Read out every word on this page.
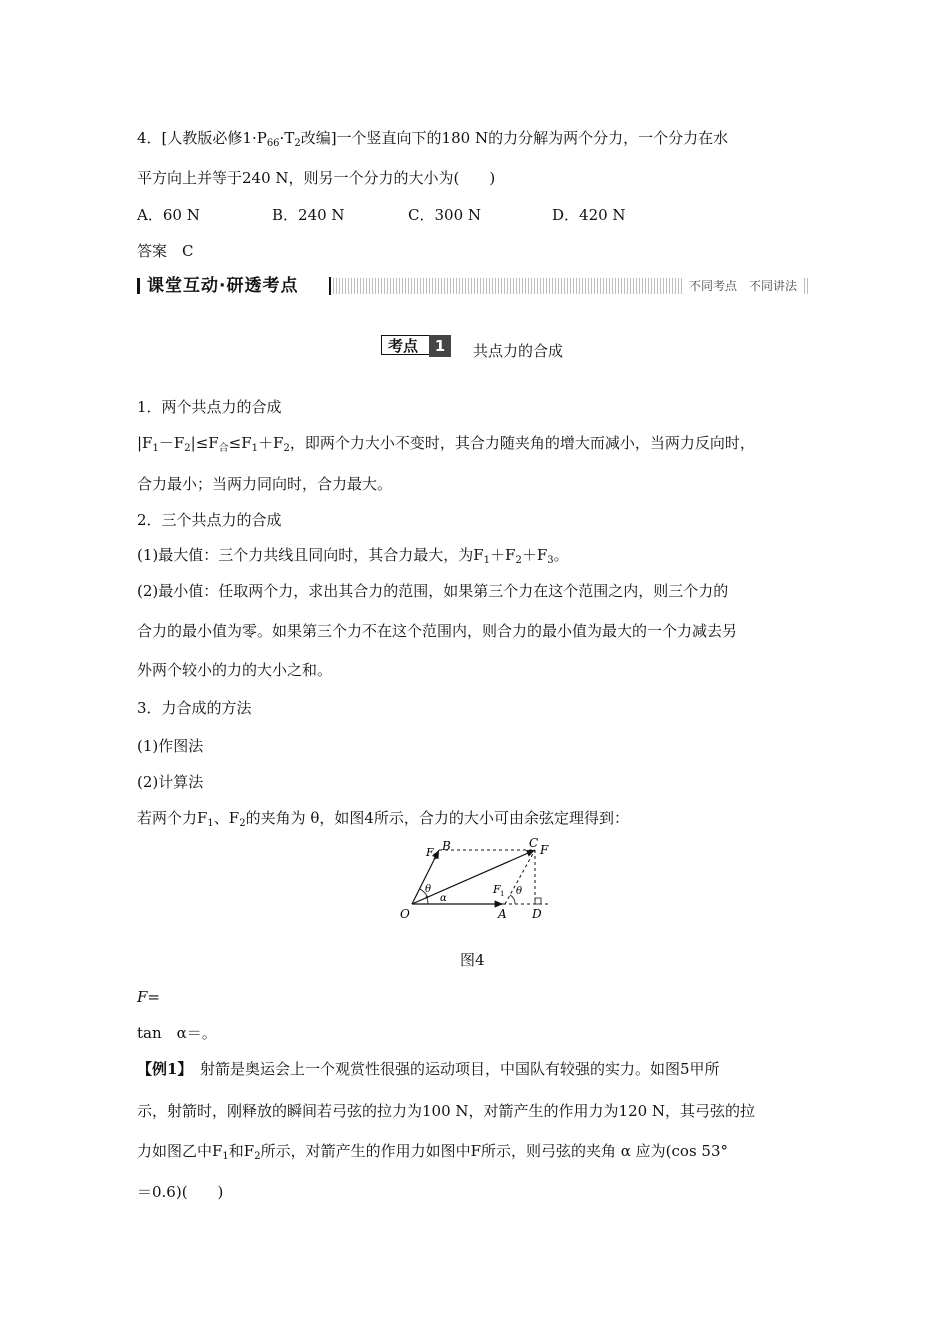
4．[人教版必修$1\cdot P_{66}\cdot T_2$改编]一个竖直向下的180 N的力分解为两个分力，一个分力在水
平方向上并等于240 N，则另一个分力的大小为(　　)
A．60 N	B．240 N	C．300 N	D．420 N
答案　C
课堂互动·研透考点	不同考点　不同讲法
考点	1	共点力的合成
1．两个共点力的合成
$|F_1-F_2|\le F_合\le F_1+F_2$，即两个力大小不变时，其合力随夹角的增大而减小，当两力反向时，
合力最小；当两力同向时，合力最大。
2．三个共点力的合成
(1)最大值：三个力共线且同向时，其合力最大，为$F_1+F_2+F_3$。
(2)最小值：任取两个力，求出其合力的范围，如果第三个力在这个范围之内，则三个力的
合力的最小值为零。如果第三个力不在这个范围内，则合力的最小值为最大的一个力减去另
外两个较小的力的大小之和。
3．力合成的方法
(1)作图法
(2)计算法
若两个力$F_1$、$F_2$的夹角为 θ，如图4所示，合力的大小可由余弦定理得到：
O	A D
B	C F
F 2
F 1
θ	θ
α
图4
F=
tan　α＝。
【例1】　射箭是奥运会上一个观赏性很强的运动项目，中国队有较强的实力。如图5甲所
示，射箭时，刚释放的瞬间若弓弦的拉力为100 N，对箭产生的作用力为120 N，其弓弦的拉
力如图乙中$F_1$和$F_2$所示，对箭产生的作用力如图中F所示，则弓弦的夹角 α 应为(cos 53°
＝0.6)(　　)
